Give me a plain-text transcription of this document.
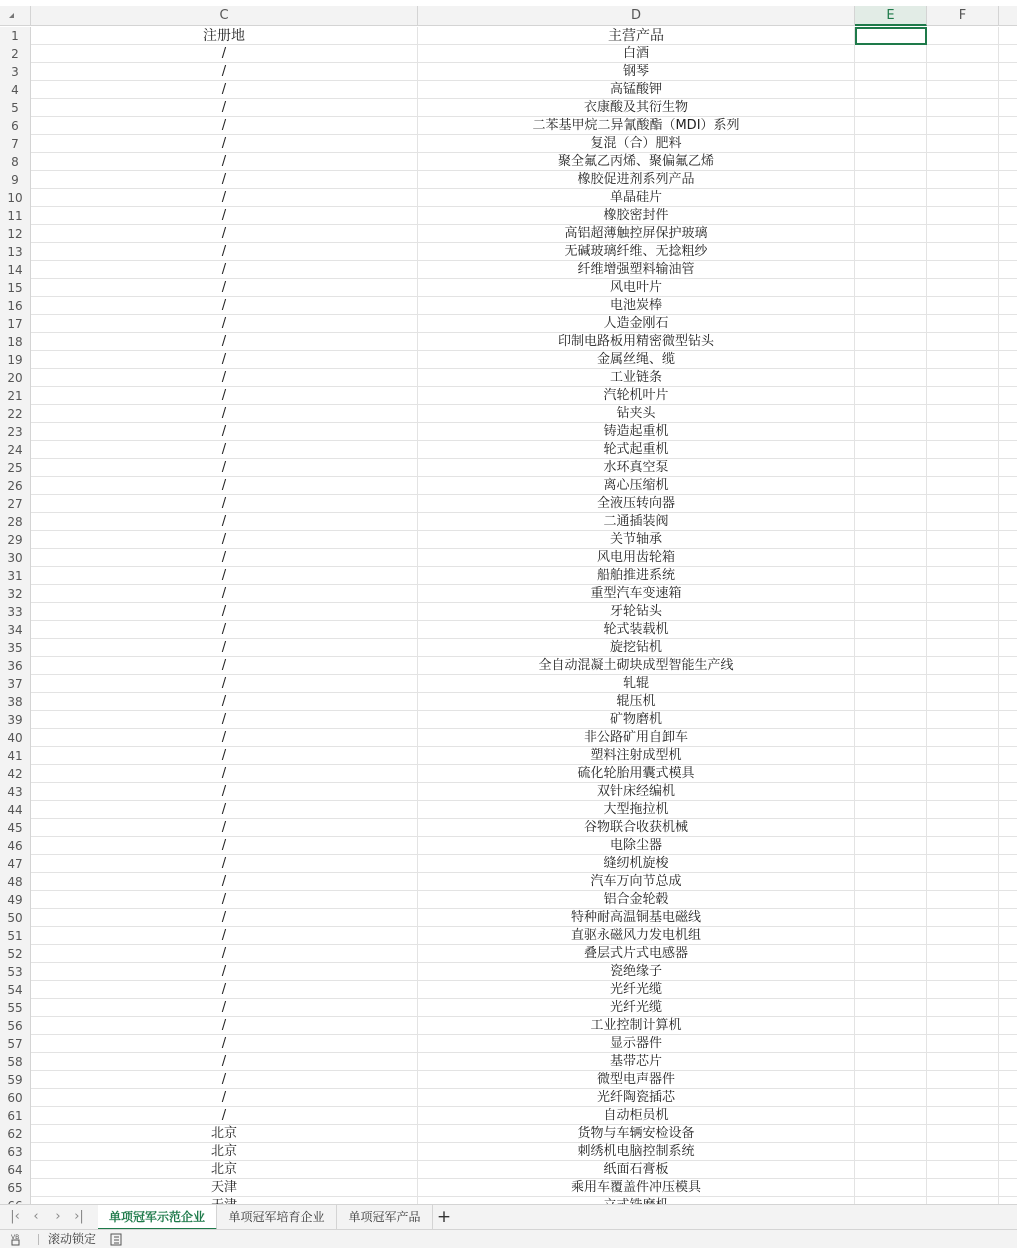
C	D	E	F
1	注册地	主营产品
2	/	白酒
3	/	钢琴
4	/	高锰酸钾
5	/	衣康酸及其衍生物
6	/	二苯基甲烷二异氰酸酯（MDI）系列
7	/	复混（合）肥料
8	/	聚全氟乙丙烯、聚偏氟乙烯
9	/	橡胶促进剂系列产品
10	/	单晶硅片
11	/	橡胶密封件
12	/	高铝超薄触控屏保护玻璃
13	/	无碱玻璃纤维、无捻粗纱
14	/	纤维增强塑料输油管
15	/	风电叶片
16	/	电池炭棒
17	/	人造金刚石
18	/	印制电路板用精密微型钻头
19	/	金属丝绳、缆
20	/	工业链条
21	/	汽轮机叶片
22	/	钻夹头
23	/	铸造起重机
24	/	轮式起重机
25	/	水环真空泵
26	/	离心压缩机
27	/	全液压转向器
28	/	二通插装阀
29	/	关节轴承
30	/	风电用齿轮箱
31	/	船舶推进系统
32	/	重型汽车变速箱
33	/	牙轮钻头
34	/	轮式装载机
35	/	旋挖钻机
36	/	全自动混凝土砌块成型智能生产线
37	/	轧辊
38	/	辊压机
39	/	矿物磨机
40	/	非公路矿用自卸车
41	/	塑料注射成型机
42	/	硫化轮胎用囊式模具
43	/	双针床经编机
44	/	大型拖拉机
45	/	谷物联合收获机械
46	/	电除尘器
47	/	缝纫机旋梭
48	/	汽车万向节总成
49	/	铝合金轮毂
50	/	特种耐高温铜基电磁线
51	/	直驱永磁风力发电机组
52	/	叠层式片式电感器
53	/	瓷绝缘子
54	/	光纤光缆
55	/	光纤光缆
56	/	工业控制计算机
57	/	显示器件
58	/	基带芯片
59	/	微型电声器件
60	/	光纤陶瓷插芯
61	/	自动柜员机
62	北京	货物与车辆安检设备
63	北京	刺绣机电脑控制系统
64	北京	纸面石膏板
65	天津	乘用车覆盖件冲压模具
|‹	‹	›	›|	单项冠军示范企业	单项冠军培育企业	单项冠军产品 +
VB 滚动锁定
